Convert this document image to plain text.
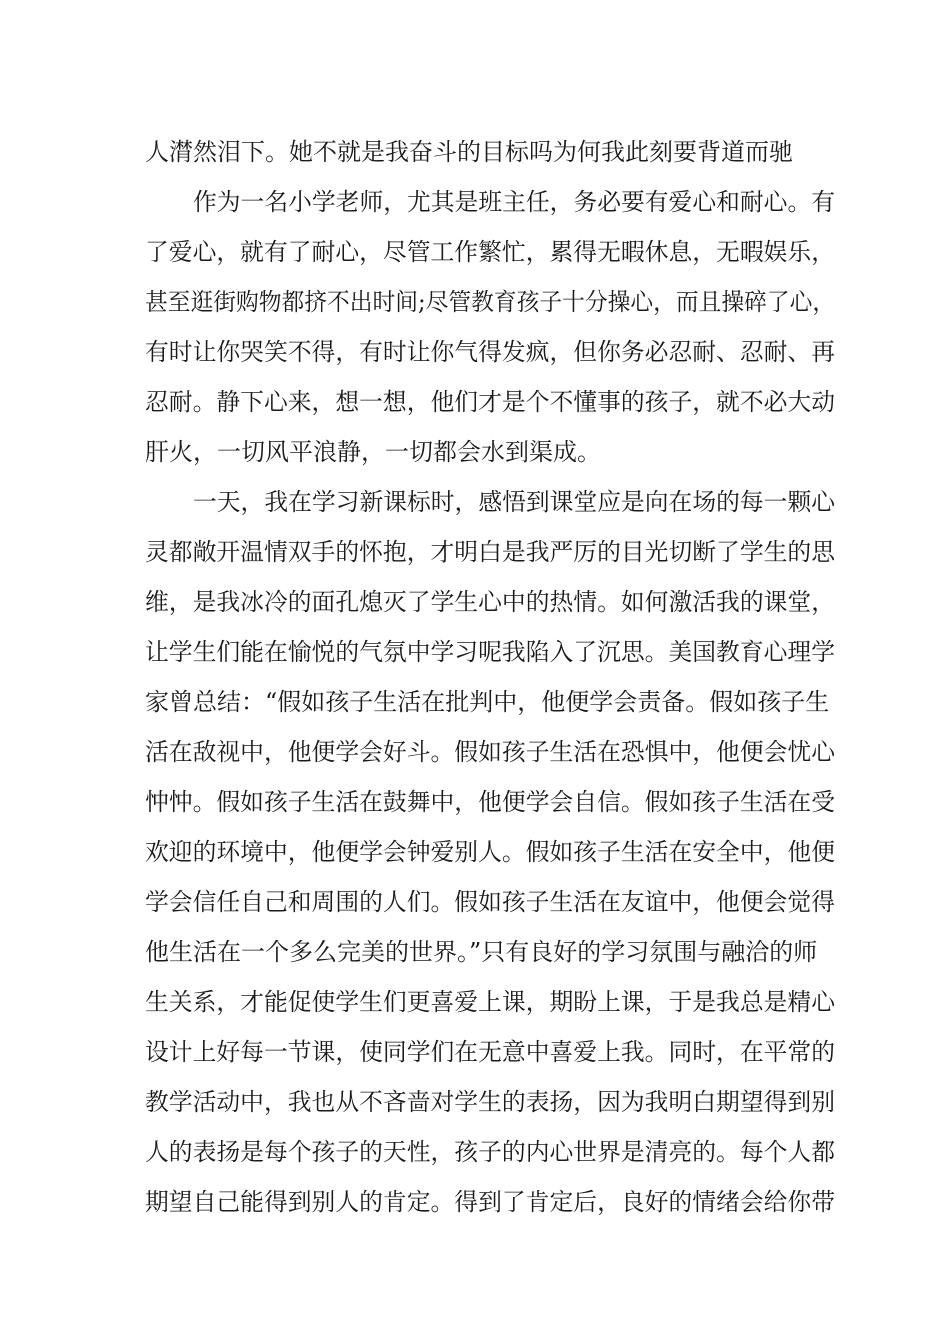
人潸然泪下。她不就是我奋斗的目标吗为何我此刻要背道而驰
作为一名小学老师，尤其是班主任，务必要有爱心和耐心。有
了爱心，就有了耐心，尽管工作繁忙，累得无暇休息，无暇娱乐，
甚至逛街购物都挤不出时间;尽管教育孩子十分操心，而且操碎了心，
有时让你哭笑不得，有时让你气得发疯，但你务必忍耐、忍耐、再
忍耐。静下心来，想一想，他们才是个不懂事的孩子，就不必大动
肝火，一切风平浪静，一切都会水到渠成。
一天，我在学习新课标时，感悟到课堂应是向在场的每一颗心
灵都敞开温情双手的怀抱，才明白是我严厉的目光切断了学生的思
维，是我冰冷的面孔熄灭了学生心中的热情。如何激活我的课堂，
让学生们能在愉悦的气氛中学习呢我陷入了沉思。美国教育心理学
家曾总结：“假如孩子生活在批判中，他便学会责备。假如孩子生
活在敌视中，他便学会好斗。假如孩子生活在恐惧中，他便会忧心
忡忡。假如孩子生活在鼓舞中，他便学会自信。假如孩子生活在受
欢迎的环境中，他便学会钟爱别人。假如孩子生活在安全中，他便
学会信任自己和周围的人们。假如孩子生活在友谊中，他便会觉得
他生活在一个多么完美的世界。”只有良好的学习氛围与融洽的师
生关系，才能促使学生们更喜爱上课，期盼上课，于是我总是精心
设计上好每一节课，使同学们在无意中喜爱上我。同时，在平常的
教学活动中，我也从不吝啬对学生的表扬，因为我明白期望得到别
人的表扬是每个孩子的天性，孩子的内心世界是清亮的。每个人都
期望自己能得到别人的肯定。得到了肯定后，良好的情绪会给你带
